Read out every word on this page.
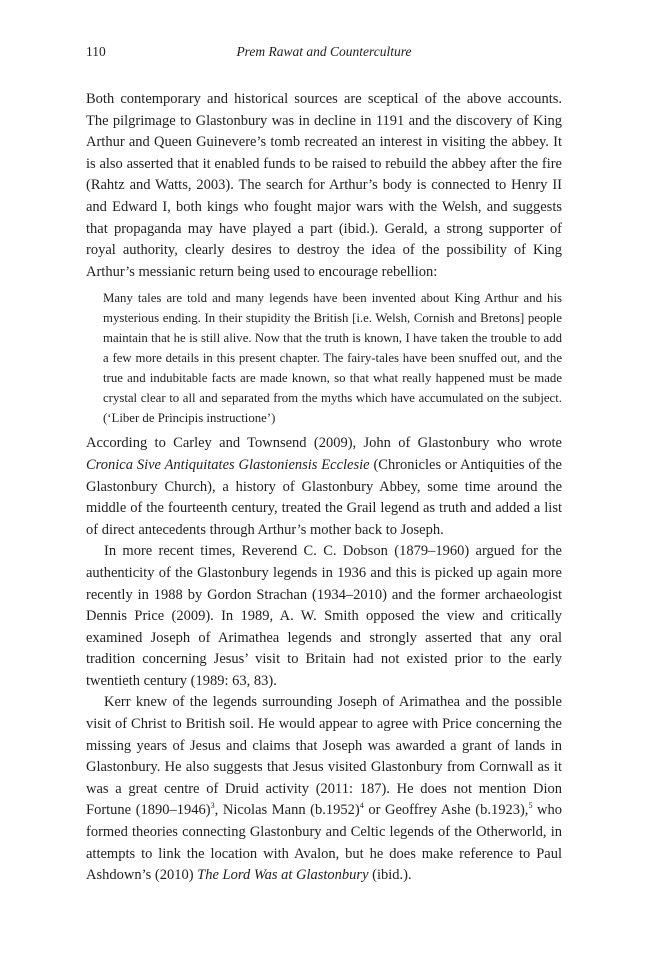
110	Prem Rawat and Counterculture

Both contemporary and historical sources are sceptical of the above accounts. The pilgrimage to Glastonbury was in decline in 1191 and the discovery of King Arthur and Queen Guinevere’s tomb recreated an interest in visiting the abbey. It is also asserted that it enabled funds to be raised to rebuild the abbey after the fire (Rahtz and Watts, 2003). The search for Arthur’s body is connected to Henry II and Edward I, both kings who fought major wars with the Welsh, and suggests that propaganda may have played a part (ibid.). Gerald, a strong supporter of royal authority, clearly desires to destroy the idea of the possibility of King Arthur’s messianic return being used to encourage rebellion:

Many tales are told and many legends have been invented about King Arthur and his mysterious ending. In their stupidity the British [i.e. Welsh, Cornish and Bretons] people maintain that he is still alive. Now that the truth is known, I have taken the trouble to add a few more details in this present chapter. The fairy-tales have been snuffed out, and the true and indubitable facts are made known, so that what really happened must be made crystal clear to all and separated from the myths which have accumulated on the subject. (‘Liber de Principis instructione’)

According to Carley and Townsend (2009), John of Glastonbury who wrote Cronica Sive Antiquitates Glastoniensis Ecclesie (Chronicles or Antiquities of the Glastonbury Church), a history of Glastonbury Abbey, some time around the middle of the fourteenth century, treated the Grail legend as truth and added a list of direct antecedents through Arthur’s mother back to Joseph.

In more recent times, Reverend C. C. Dobson (1879–1960) argued for the authenticity of the Glastonbury legends in 1936 and this is picked up again more recently in 1988 by Gordon Strachan (1934–2010) and the former archaeologist Dennis Price (2009). In 1989, A. W. Smith opposed the view and critically examined Joseph of Arimathea legends and strongly asserted that any oral tradition concerning Jesus’ visit to Britain had not existed prior to the early twentieth century (1989: 63, 83).

Kerr knew of the legends surrounding Joseph of Arimathea and the possible visit of Christ to British soil. He would appear to agree with Price concerning the missing years of Jesus and claims that Joseph was awarded a grant of lands in Glastonbury. He also suggests that Jesus visited Glastonbury from Cornwall as it was a great centre of Druid activity (2011: 187). He does not mention Dion Fortune (1890–1946)$^3$, Nicolas Mann $(b.1952)^4$ or Geoffrey Ashe (b.1923),$^5$ who formed theories connecting Glastonbury and Celtic legends of the Otherworld, in attempts to link the location with Avalon, but he does make reference to Paul Ashdown’s (2010) The Lord Was at Glastonbury (ibid.).
